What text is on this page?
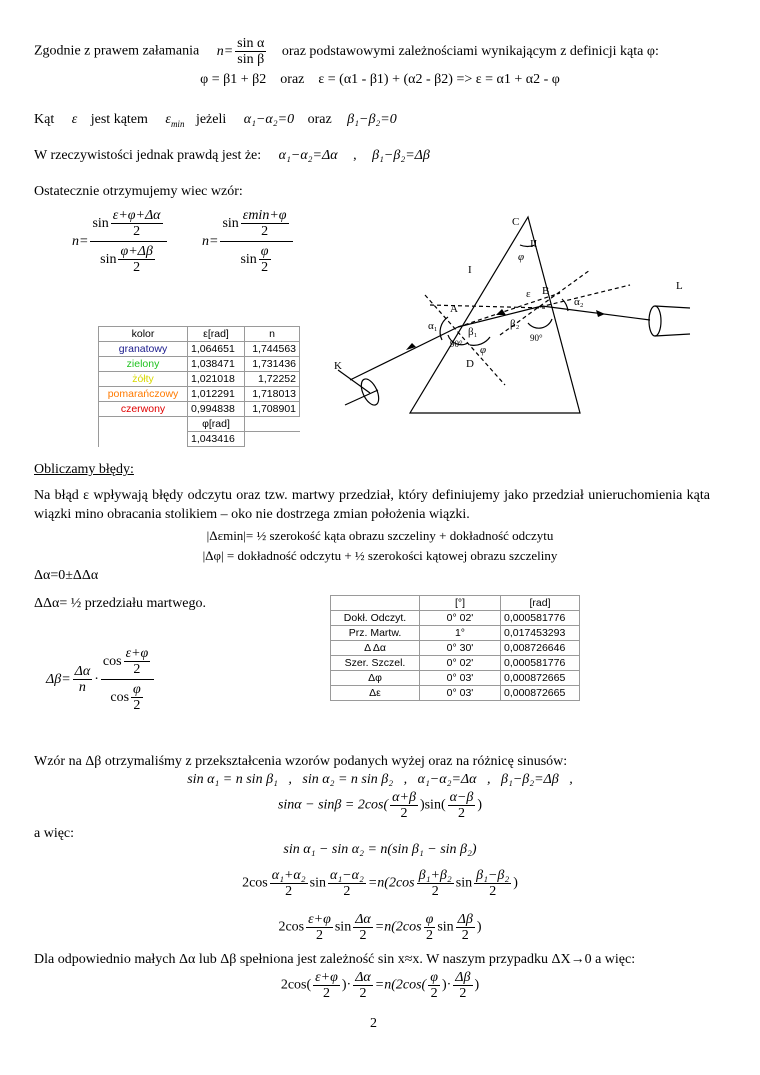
Zgodnie z prawem załamania $n= \frac{\text{sin α}}{\text{sin β}}$ oraz podstawowymi zależnościami wynikającym z definicji kąta φ:
φ = β1 + β2    oraz    ε = (α1 - β1) + (α2 - β2) => ε = α1 + α2 - φ
Kąt ε jest kątem $\varepsilon_{min}$ jeżeli α₁−α₂=0 oraz β₁−β₂=0
W rzeczywistości jednak prawdą jest że: α₁−α₂=Δα , β₁−β₂=Δβ
Ostatecznie otrzymujemy wiec wzór:
$n= \frac{\sin \frac{\varepsilon+\varphi+\Delta\alpha}{2}}{\sin \frac{\varphi+\Delta\beta}{2}}$	n=
$\sin \frac{\varepsilon\min+\varphi}{2}$
$\sin \frac{\varphi}{2}$
kolor	ε[rad]	n
granatowy	1,064651	1,744563
zielony	1,038471	1,731436
żółty	1,021018	1,72252
pomarańczowy	1,012291	1,718013
czerwony	0,994838	1,708901
	φ[rad]	
	1,043416	
C
II
I
φ
ε B
α₂
L
A
α₁	β₁
β₂
90° φ
90°
D
K
Obliczamy błędy:
Na błąd ε wpływają błędy odczytu oraz tzw. martwy przedział, który definiujemy jako przedział unieruchomienia kąta wiązki mino obracania stolikiem – oko nie dostrzega zmian położenia wiązki.
|Δεmin|= ½ szerokość kąta obrazu szczeliny + dokładność odczytu
|Δφ| = dokładność odczytu + ½ szerokości kątowej obrazu szczeliny
Δα=0±ΔΔα
ΔΔα= ½ przedziału martwego.
$\Delta\beta= \frac{\Delta\alpha}{n}$ ·
$\cos \frac{\varepsilon+\varphi}{2}$
$\cos \frac{\varphi}{2}$
	[°]	[rad]
Dokł. Odczyt.	0° 02'	0,000581776
Prz. Martw.	1°	0,017453293
Δ Δα	0° 30'	0,008726646
Szer. Szczel.	0° 02'	0,000581776
Δφ	0° 03'	0,000872665
Δε	0° 03'	0,000872665
Wzór na Δβ otrzymaliśmy z przekształcenia wzorów podanych wyżej oraz na różnicę sinusów:
sin α₁ = n sin β₁   ,   sin α₂ = n sin β₂   ,   α₁−α₂=Δα   ,   β₁−β₂=Δβ   ,
$\sin\alpha - \sin\beta = 2\cos( \frac{\alpha+\beta}{2} )\sin( \frac{\alpha-\beta}{2}$ )
a więc:
sin α₁ − sin α₂ = n(sin β₁ − sin β₂)
$2\cos \frac{\text{α₁+α₂}}{2}$ $\sin \frac{\text{α₁−α₂}}{2} =n(2\cos \frac{\text{β₁+β₂}}{2}$ $\sin \frac{\text{β₁−β₂}}{2}$ )
$2\cos \frac{\varepsilon+\varphi}{2}$ $\sin \frac{\Delta\alpha}{2} =n(2\cos \frac{\varphi}{2}$ $\sin \frac{\Delta\beta}{2}$ )
Dla odpowiednio małych Δα lub Δβ spełniona jest zależność sin x≈x. W naszym przypadku ΔX→0 a więc:
$2\cos( \frac{\varepsilon+\varphi}{2}$ )· $\frac{\Delta\alpha}{2} =n(2\cos( \frac{\varphi}{2}$ )· $\frac{\Delta\beta}{2}$ )
2
